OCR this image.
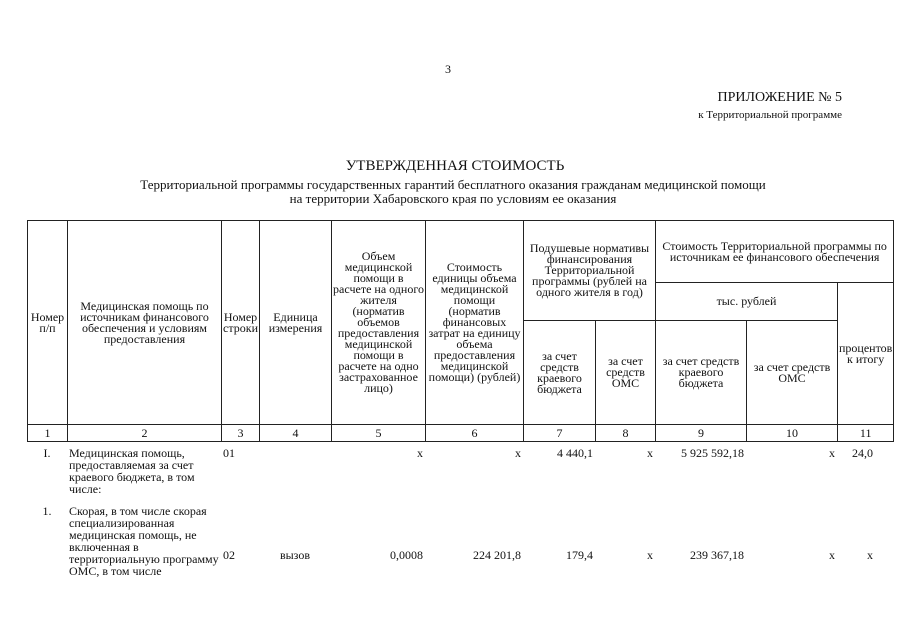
3
ПРИЛОЖЕНИЕ № 5
к Территориальной программе
УТВЕРЖДЕННАЯ СТОИМОСТЬ
Территориальной программы государственных гарантий бесплатного оказания гражданам медицинской помощи
на территории Хабаровского края по условиям ее оказания
Номер п/п	Медицинская помощь по источникам финансового обеспечения и условиям предоставления	Номер строки	Единица измерения	Объем медицинской помощи в расчете на одного жителя (норматив объемов предоставления медицинской помощи в расчете на одно застрахованное лицо)	Стоимость единицы объема медицинской помощи (норматив финансовых затрат на единицу объема предоставления медицинской помощи) (рублей)	Подушевые нормативы финансирования Территориальной программы (рублей на одного жителя в год)		Стоимость Территориальной программы по источникам ее финансового обеспечения		
								тыс. рублей		процентов к итогу
						за счет средств краевого бюджета	за счет средств ОМС	за счет средств краевого бюджета	за счет средств ОМС	
1	2	3	4	5	6	7	8	9	10	11
I.	Медицинская помощь, предоставляемая за счет краевого бюджета, в том числе:	01		x	x	4 440,1	x	5 925 592,18	x	24,0
1.	Скорая, в том числе скорая специализированная медицинская помощь, не включенная в территориальную программу ОМС, в том числе	02	вызов	0,0008	224 201,8	179,4	x	239 367,18	x	x
